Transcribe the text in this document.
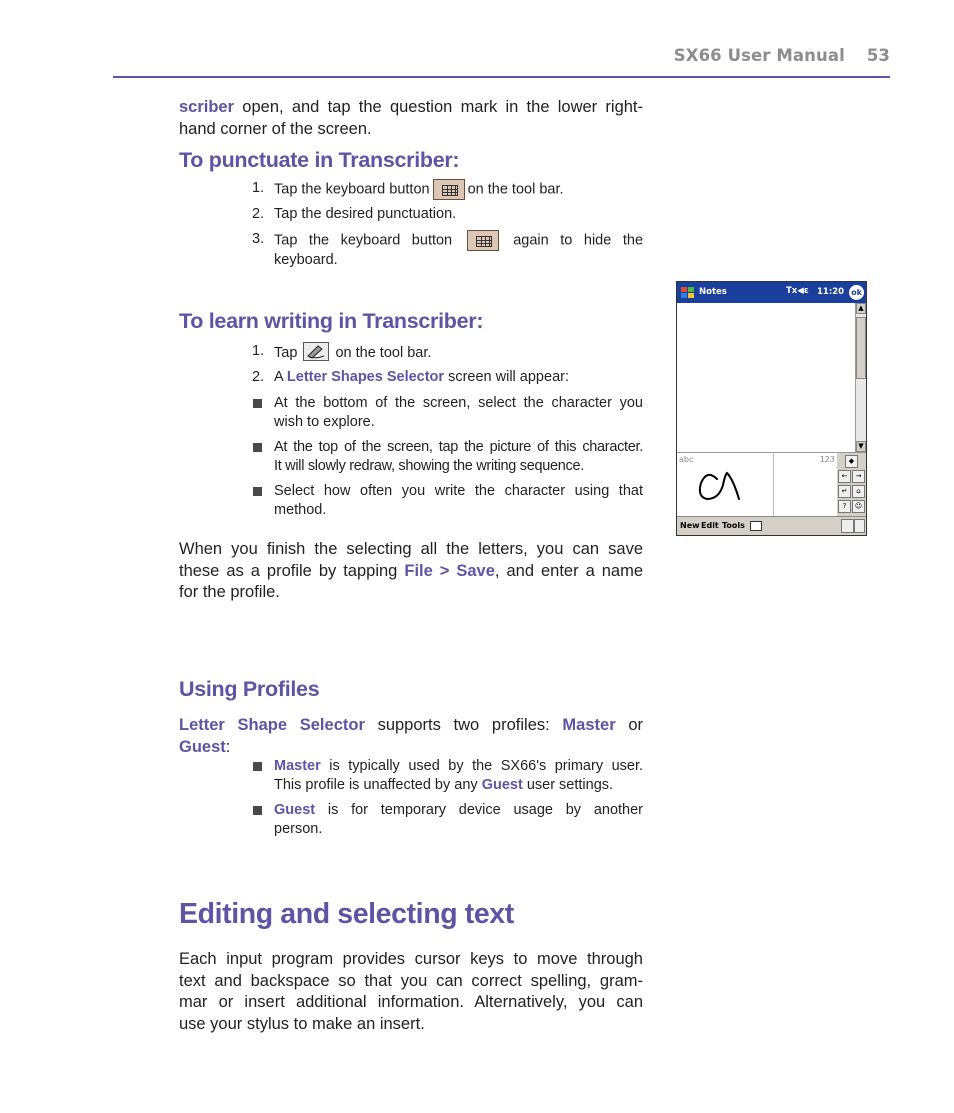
SX66 User Manual 53
scriber open, and tap the question mark in the lower right-
hand corner of the screen.
To punctuate in Transcriber:
1. Tap the keyboard button	on the tool bar.
2. Tap the desired punctuation.
3. Tap the keyboard button	again to hide the
keyboard.
To learn writing in Transcriber:
1. Tap	on the tool bar.
2. A Letter Shapes Selector screen will appear:
At the bottom of the screen, select the character you
wish to explore.
At the top of the screen, tap the picture of this character.
It will slowly redraw, showing the writing sequence.
Select how often you write the character using that
method.
When you finish the selecting all the letters, you can save
these as a profile by tapping File > Save, and enter a name
for the profile.
Using Profiles
Letter Shape Selector supports two profiles: Master or
Guest:
Master is typically used by the SX66's primary user.
This profile is unaffected by any Guest user settings.
Guest is for temporary device usage by another
person.
Editing and selecting text
Each input program provides cursor keys to move through
text and backspace so that you can correct spelling, gram-
mar or insert additional information. Alternatively, you can
use your stylus to make an insert.
Notes	Tx◀ε 11:20 ok
▲
▼
abc	123	◆
←	→
↵	⌂
?	☺
New Edit Tools
